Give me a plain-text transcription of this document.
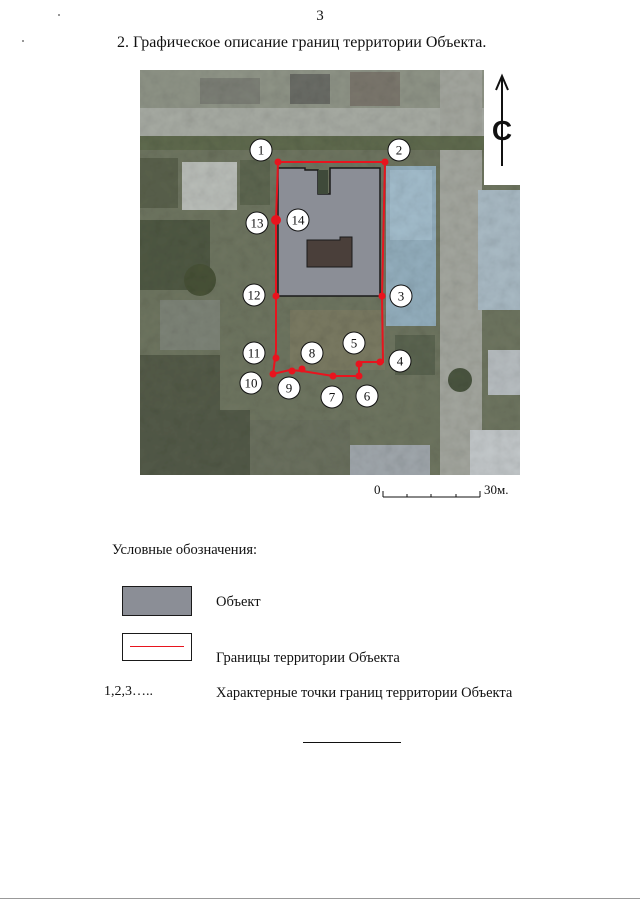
3
2. Графическое описание границ территории Объекта.
С
1	2
3
4
5
6
7
8
9
10
11
12
13 14
0	30м.
Условные обозначения:
Объект
Границы территории Объекта
1,2,3…..	Характерные точки границ территории Объекта
